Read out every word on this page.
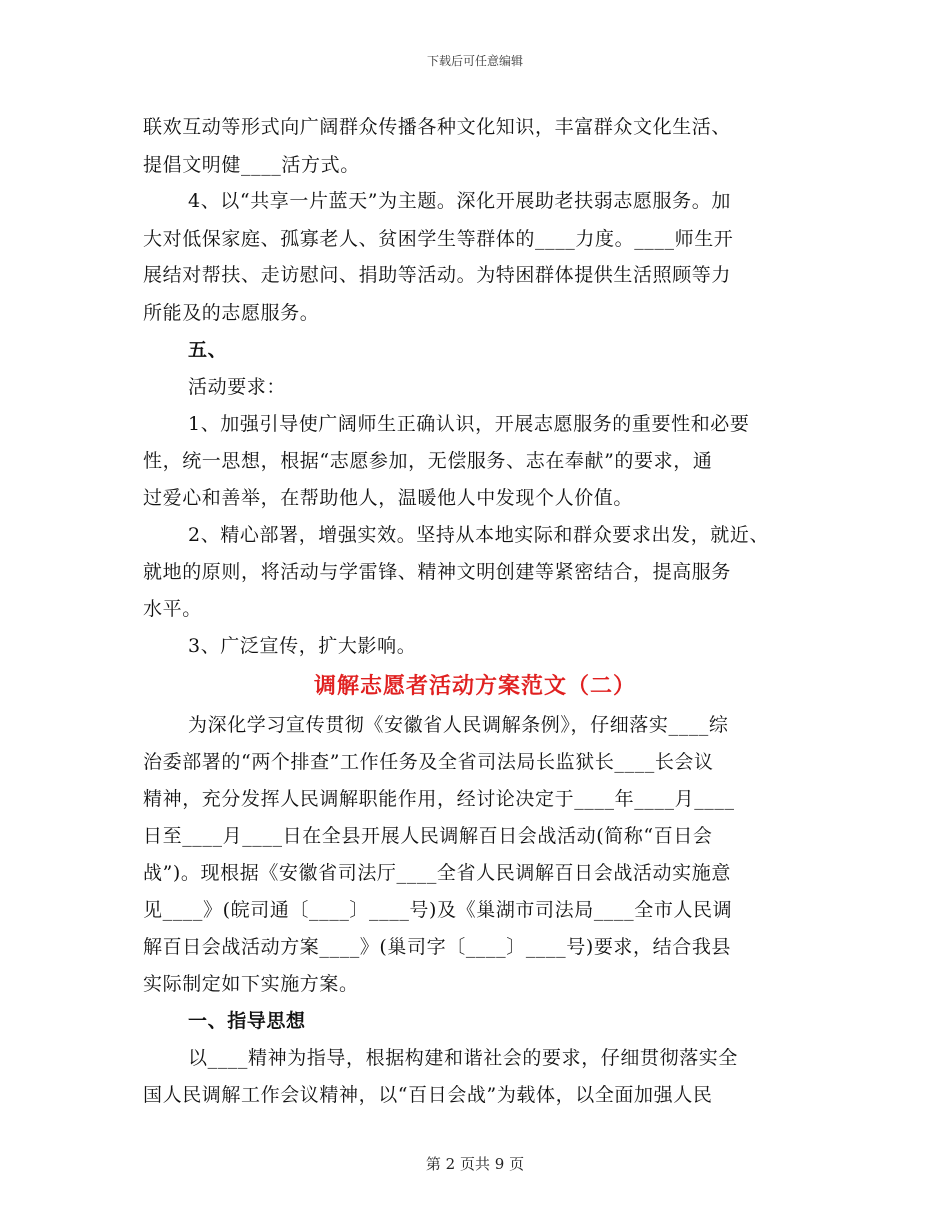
下载后可任意编辑
联欢互动等形式向广阔群众传播各种文化知识，丰富群众文化生活、
提倡文明健____活方式。
4、以“共享一片蓝天”为主题。深化开展助老扶弱志愿服务。加
大对低保家庭、孤寡老人、贫困学生等群体的____力度。____师生开
展结对帮扶、走访慰问、捐助等活动。为特困群体提供生活照顾等力
所能及的志愿服务。
五、
活动要求：
1、加强引导使广阔师生正确认识，开展志愿服务的重要性和必要
性，统一思想，根据“志愿参加，无偿服务、志在奉献”的要求，通
过爱心和善举，在帮助他人，温暖他人中发现个人价值。
2、精心部署，增强实效。坚持从本地实际和群众要求出发，就近、
就地的原则，将活动与学雷锋、精神文明创建等紧密结合，提高服务
水平。
3、广泛宣传，扩大影响。
调解志愿者活动方案范文（二）
为深化学习宣传贯彻《安徽省人民调解条例》，仔细落实____综
治委部署的“两个排查”工作任务及全省司法局长监狱长____长会议
精神，充分发挥人民调解职能作用，经讨论决定于____年____月____
日至____月____日在全县开展人民调解百日会战活动(简称“百日会
战”)。现根据《安徽省司法厅____全省人民调解百日会战活动实施意
见____》(皖司通〔____〕____号)及《巢湖市司法局____全市人民调
解百日会战活动方案____》(巢司字〔____〕____号)要求，结合我县
实际制定如下实施方案。
一、指导思想
以____精神为指导，根据构建和谐社会的要求，仔细贯彻落实全
国人民调解工作会议精神，以“百日会战”为载体，以全面加强人民
第 2 页共 9 页
